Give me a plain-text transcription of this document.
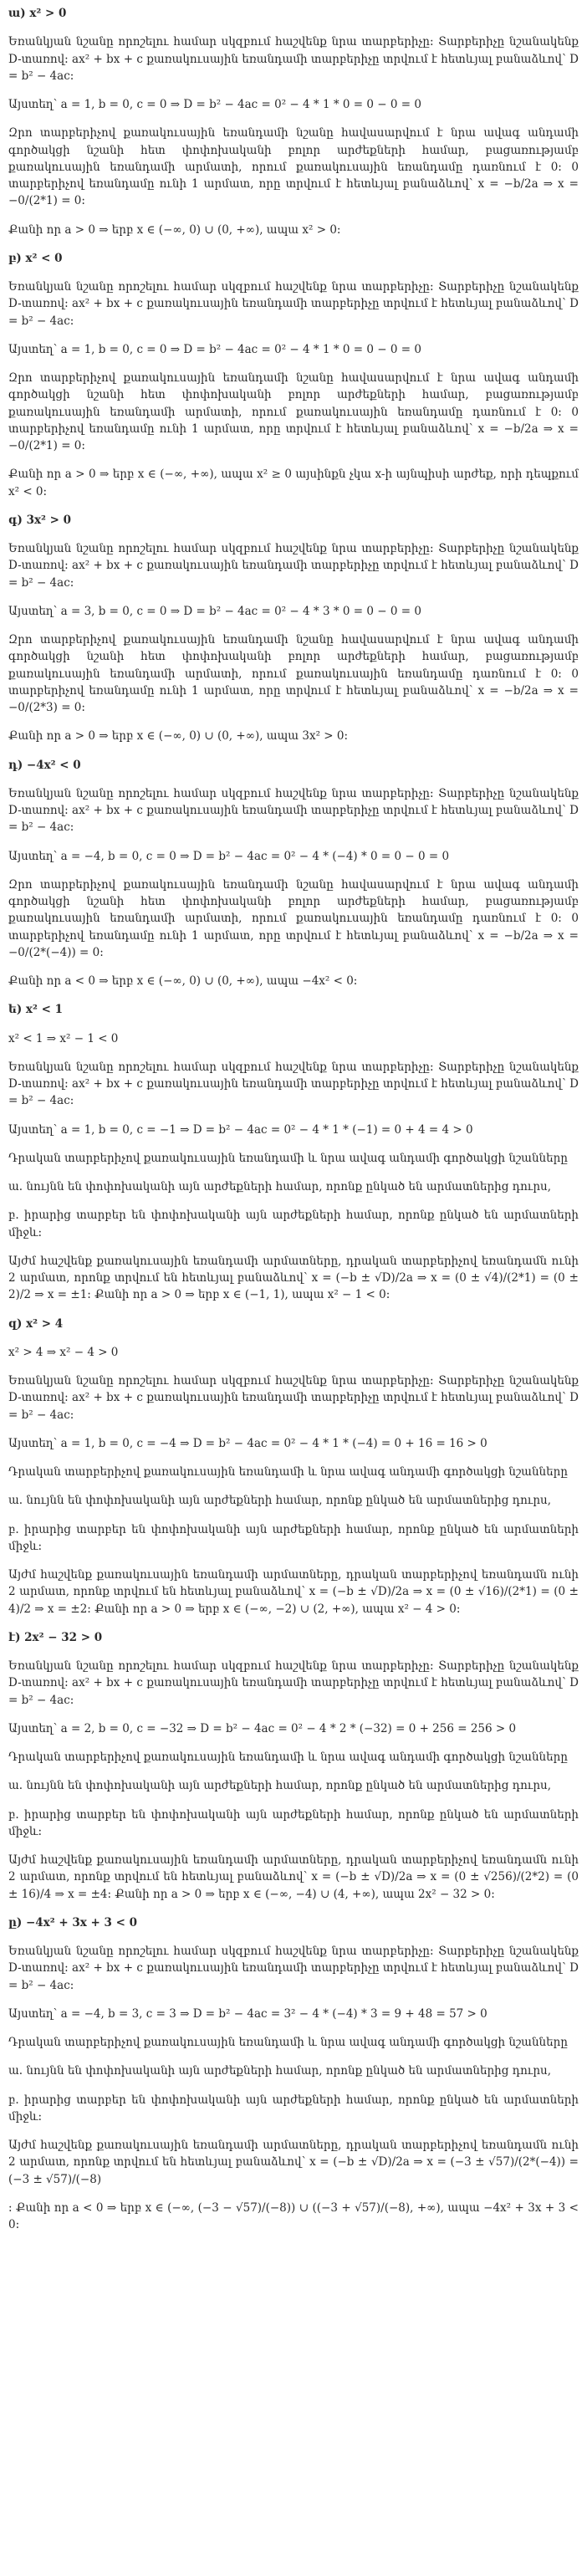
ա) x² > 0
Եռանկյան նշանը որոշելու համար սկզբում հաշվենք նրա տարբերիչը: Տարբերիչը նշանակենք D-տառով: ax² + bx + c քառակուսային եռանդամի տարբերիչը տրվում է հետևյալ բանաձևով՝ D = b² − 4ac:
Այստեղ՝ a = 1, b = 0, c = 0 ⇒ D = b² − 4ac = 0² − 4 * 1 * 0 = 0 − 0 = 0
Զրո տարբերիչով քառակուսային եռանդամի նշանը հավասարվում է նրա ավագ անդամի գործակցի նշանի հետ փոփոխականի բոլոր արժեքների համար, բացառությամբ քառակուսային եռանդամի արմատի, որում քառակուսային եռանդամը դառնում է 0: 0 տարբերիչով եռանդամը ունի 1 արմատ, որը տրվում է հետևյալ բանաձևով՝ x = −b/2a ⇒ x = −0/(2*1) = 0:
Քանի որ a > 0 ⇒ երբ x ∈ (−∞, 0) ∪ (0, +∞), ապա x² > 0:
բ) x² < 0
Եռանկյան նշանը որոշելու համար սկզբում հաշվենք նրա տարբերիչը: Տարբերիչը նշանակենք D-տառով: ax² + bx + c քառակուսային եռանդամի տարբերիչը տրվում է հետևյալ բանաձևով՝ D = b² − 4ac:
Այստեղ՝ a = 1, b = 0, c = 0 ⇒ D = b² − 4ac = 0² − 4 * 1 * 0 = 0 − 0 = 0
Զրո տարբերիչով քառակուսային եռանդամի նշանը հավասարվում է նրա ավագ անդամի գործակցի նշանի հետ փոփոխականի բոլոր արժեքների համար, բացառությամբ քառակուսային եռանդամի արմատի, որում քառակուսային եռանդամը դառնում է 0: 0 տարբերիչով եռանդամը ունի 1 արմատ, որը տրվում է հետևյալ բանաձևով՝ x = −b/2a ⇒ x = −0/(2*1) = 0:
Քանի որ a > 0 ⇒ երբ x ∈ (−∞, +∞), ապա x² ≥ 0 այսինքն չկա x-ի այնպիսի արժեք, որի դեպքում x² < 0:
գ) 3x² > 0
Եռանկյան նշանը որոշելու համար սկզբում հաշվենք նրա տարբերիչը: Տարբերիչը նշանակենք D-տառով: ax² + bx + c քառակուսային եռանդամի տարբերիչը տրվում է հետևյալ բանաձևով՝ D = b² − 4ac:
Այստեղ՝ a = 3, b = 0, c = 0 ⇒ D = b² − 4ac = 0² − 4 * 3 * 0 = 0 − 0 = 0
Զրո տարբերիչով քառակուսային եռանդամի նշանը հավասարվում է նրա ավագ անդամի գործակցի նշանի հետ փոփոխականի բոլոր արժեքների համար, բացառությամբ քառակուսային եռանդամի արմատի, որում քառակուսային եռանդամը դառնում է 0: 0 տարբերիչով եռանդամը ունի 1 արմատ, որը տրվում է հետևյալ բանաձևով՝ x = −b/2a ⇒ x = −0/(2*3) = 0:
Քանի որ a > 0 ⇒ երբ x ∈ (−∞, 0) ∪ (0, +∞), ապա 3x² > 0:
դ) −4x² < 0
Եռանկյան նշանը որոշելու համար սկզբում հաշվենք նրա տարբերիչը: Տարբերիչը նշանակենք D-տառով: ax² + bx + c քառակուսային եռանդամի տարբերիչը տրվում է հետևյալ բանաձևով՝ D = b² − 4ac:
Այստեղ՝ a = −4, b = 0, c = 0 ⇒ D = b² − 4ac = 0² − 4 * (−4) * 0 = 0 − 0 = 0
Զրո տարբերիչով քառակուսային եռանդամի նշանը հավասարվում է նրա ավագ անդամի գործակցի նշանի հետ փոփոխականի բոլոր արժեքների համար, բացառությամբ քառակուսային եռանդամի արմատի, որում քառակուսային եռանդամը դառնում է 0: 0 տարբերիչով եռանդամը ունի 1 արմատ, որը տրվում է հետևյալ բանաձևով՝ x = −b/2a ⇒ x = −0/(2*(−4)) = 0:
Քանի որ a < 0 ⇒ երբ x ∈ (−∞, 0) ∪ (0, +∞), ապա −4x² < 0:
ե) x² < 1
x² < 1 ⇒ x² − 1 < 0
Եռանկյան նշանը որոշելու համար սկզբում հաշվենք նրա տարբերիչը: Տարբերիչը նշանակենք D-տառով: ax² + bx + c քառակուսային եռանդամի տարբերիչը տրվում է հետևյալ բանաձևով՝ D = b² − 4ac:
Այստեղ՝ a = 1, b = 0, c = −1 ⇒ D = b² − 4ac = 0² − 4 * 1 * (−1) = 0 + 4 = 4 > 0
Դրական տարբերիչով քառակուսային եռանդամի և նրա ավագ անդամի գործակցի նշանները
ա. նույնն են փոփոխականի այն արժեքների համար, որոնք ընկած են արմատներից դուրս,
բ. իրարից տարբեր են փոփոխականի այն արժեքների համար, որոնք ընկած են արմատների միջև:
Այժմ հաշվենք քառակուսային եռանդամի արմատները, դրական տարբերիչով եռանդամն ունի 2 արմատ, որոնք տրվում են հետևյալ բանաձևով՝ x = (−b ± √D)/2a ⇒ x = (0 ± √4)/(2*1) = (0 ± 2)/2 ⇒ x = ±1: Քանի որ a > 0 ⇒ երբ x ∈ (−1, 1), ապա x² − 1 < 0:
զ) x² > 4
x² > 4 ⇒ x² − 4 > 0
Եռանկյան նշանը որոշելու համար սկզբում հաշվենք նրա տարբերիչը: Տարբերիչը նշանակենք D-տառով: ax² + bx + c քառակուսային եռանդամի տարբերիչը տրվում է հետևյալ բանաձևով՝ D = b² − 4ac:
Այստեղ՝ a = 1, b = 0, c = −4 ⇒ D = b² − 4ac = 0² − 4 * 1 * (−4) = 0 + 16 = 16 > 0
Դրական տարբերիչով քառակուսային եռանդամի և նրա ավագ անդամի գործակցի նշանները
ա. նույնն են փոփոխականի այն արժեքների համար, որոնք ընկած են արմատներից դուրս,
բ. իրարից տարբեր են փոփոխականի այն արժեքների համար, որոնք ընկած են արմատների միջև:
Այժմ հաշվենք քառակուսային եռանդամի արմատները, դրական տարբերիչով եռանդամն ունի 2 արմատ, որոնք տրվում են հետևյալ բանաձևով՝ x = (−b ± √D)/2a ⇒ x = (0 ± √16)/(2*1) = (0 ± 4)/2 ⇒ x = ±2: Քանի որ a > 0 ⇒ երբ x ∈ (−∞, −2) ∪ (2, +∞), ապա x² − 4 > 0:
է) 2x² − 32 > 0
Եռանկյան նշանը որոշելու համար սկզբում հաշվենք նրա տարբերիչը: Տարբերիչը նշանակենք D-տառով: ax² + bx + c քառակուսային եռանդամի տարբերիչը տրվում է հետևյալ բանաձևով՝ D = b² − 4ac:
Այստեղ՝ a = 2, b = 0, c = −32 ⇒ D = b² − 4ac = 0² − 4 * 2 * (−32) = 0 + 256 = 256 > 0
Դրական տարբերիչով քառակուսային եռանդամի և նրա ավագ անդամի գործակցի նշանները
ա. նույնն են փոփոխականի այն արժեքների համար, որոնք ընկած են արմատներից դուրս,
բ. իրարից տարբեր են փոփոխականի այն արժեքների համար, որոնք ընկած են արմատների միջև:
Այժմ հաշվենք քառակուսային եռանդամի արմատները, դրական տարբերիչով եռանդամն ունի 2 արմատ, որոնք տրվում են հետևյալ բանաձևով՝ x = (−b ± √D)/2a ⇒ x = (0 ± √256)/(2*2) = (0 ± 16)/4 ⇒ x = ±4: Քանի որ a > 0 ⇒ երբ x ∈ (−∞, −4) ∪ (4, +∞), ապա 2x² − 32 > 0:
ը) −4x² + 3x + 3 < 0
Եռանկյան նշանը որոշելու համար սկզբում հաշվենք նրա տարբերիչը: Տարբերիչը նշանակենք D-տառով: ax² + bx + c քառակուսային եռանդամի տարբերիչը տրվում է հետևյալ բանաձևով՝ D = b² − 4ac:
Այստեղ՝ a = −4, b = 3, c = 3 ⇒ D = b² − 4ac = 3² − 4 * (−4) * 3 = 9 + 48 = 57 > 0
Դրական տարբերիչով քառակուսային եռանդամի և նրա ավագ անդամի գործակցի նշանները
ա. նույնն են փոփոխականի այն արժեքների համար, որոնք ընկած են արմատներից դուրս,
բ. իրարից տարբեր են փոփոխականի այն արժեքների համար, որոնք ընկած են արմատների միջև:
Այժմ հաշվենք քառակուսային եռանդամի արմատները, դրական տարբերիչով եռանդամն ունի 2 արմատ, որոնք տրվում են հետևյալ բանաձևով՝ x = (−b ± √D)/2a ⇒ x = (−3 ± √57)/(2*(−4)) = (−3 ± √57)/(−8)
: Քանի որ a < 0 ⇒ երբ x ∈ (−∞, (−3 − √57)/(−8)) ∪ ((−3 + √57)/(−8), +∞), ապա −4x² + 3x + 3 < 0:
